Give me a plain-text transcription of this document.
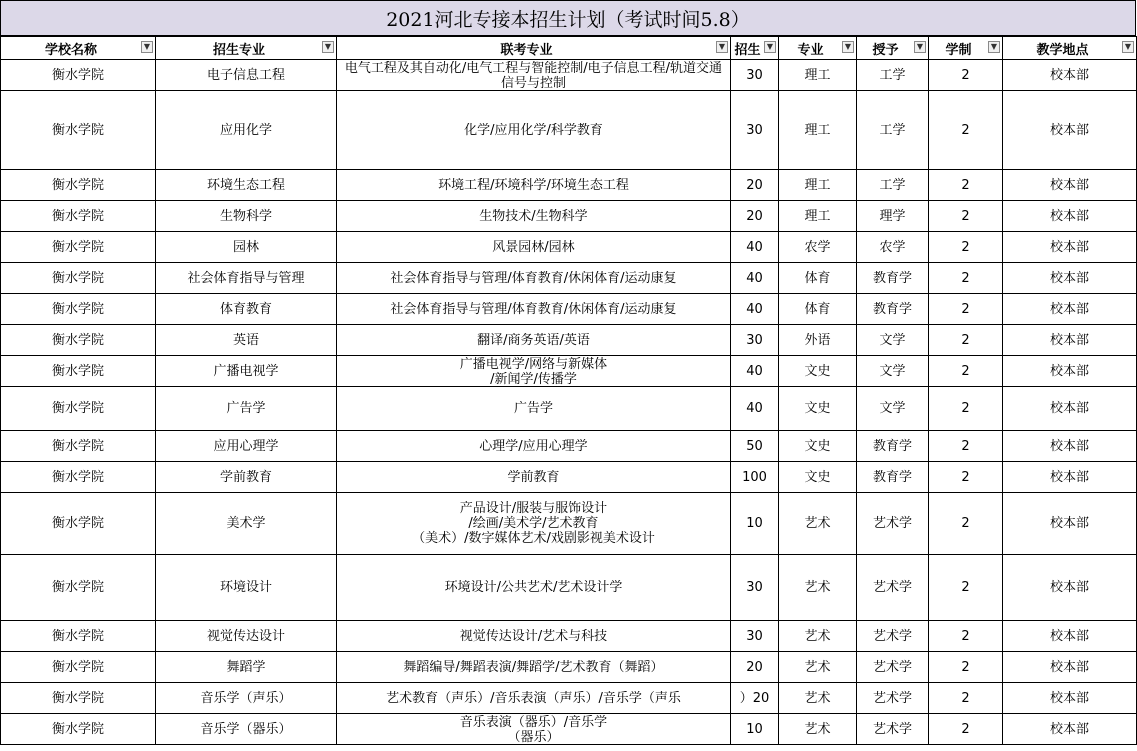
2021河北专接本招生计划（考试时间5.8）
学校名称 ▼	招生专业 ▼	联考专业 ▼	招生 ▼	专业 ▼	授予 ▼	学制 ▼	教学地点 ▼

衡水学院	电子信息工程	电气工程及其自动化/电气工程与智能控制/电子信息工程/轨道交通信号与控制	30	理工	工学	2	校本部
衡水学院	应用化学	化学/应用化学/科学教育	30	理工	工学	2	校本部
衡水学院	环境生态工程	环境工程/环境科学/环境生态工程	20	理工	工学	2	校本部
衡水学院	生物科学	生物技术/生物科学	20	理工	理学	2	校本部
衡水学院	园林	风景园林/园林	40	农学	农学	2	校本部
衡水学院	社会体育指导与管理	社会体育指导与管理/体育教育/休闲体育/运动康复	40	体育	教育学	2	校本部
衡水学院	体育教育	社会体育指导与管理/体育教育/休闲体育/运动康复	40	体育	教育学	2	校本部
衡水学院	英语	翻译/商务英语/英语	30	外语	文学	2	校本部
衡水学院	广播电视学	广播电视学/网络与新媒体
/新闻学/传播学	40	文史	文学	2	校本部
衡水学院	广告学	广告学	40	文史	文学	2	校本部
衡水学院	应用心理学	心理学/应用心理学	50	文史	教育学	2	校本部
衡水学院	学前教育	学前教育	100	文史	教育学	2	校本部
衡水学院	美术学	产品设计/服装与服饰设计
/绘画/美术学/艺术教育
（美术）/数字媒体艺术/戏剧影视美术设计	10	艺术	艺术学	2	校本部
衡水学院	环境设计	环境设计/公共艺术/艺术设计学	30	艺术	艺术学	2	校本部
衡水学院	视觉传达设计	视觉传达设计/艺术与科技	30	艺术	艺术学	2	校本部
衡水学院	舞蹈学	舞蹈编导/舞蹈表演/舞蹈学/艺术教育（舞蹈）	20	艺术	艺术学	2	校本部
衡水学院	音乐学（声乐）	艺术教育（声乐）/音乐表演（声乐）/音乐学（声乐	）20	艺术	艺术学	2	校本部
衡水学院	音乐学（器乐）	音乐表演（器乐）/音乐学
（器乐）	10	艺术	艺术学	2	校本部
